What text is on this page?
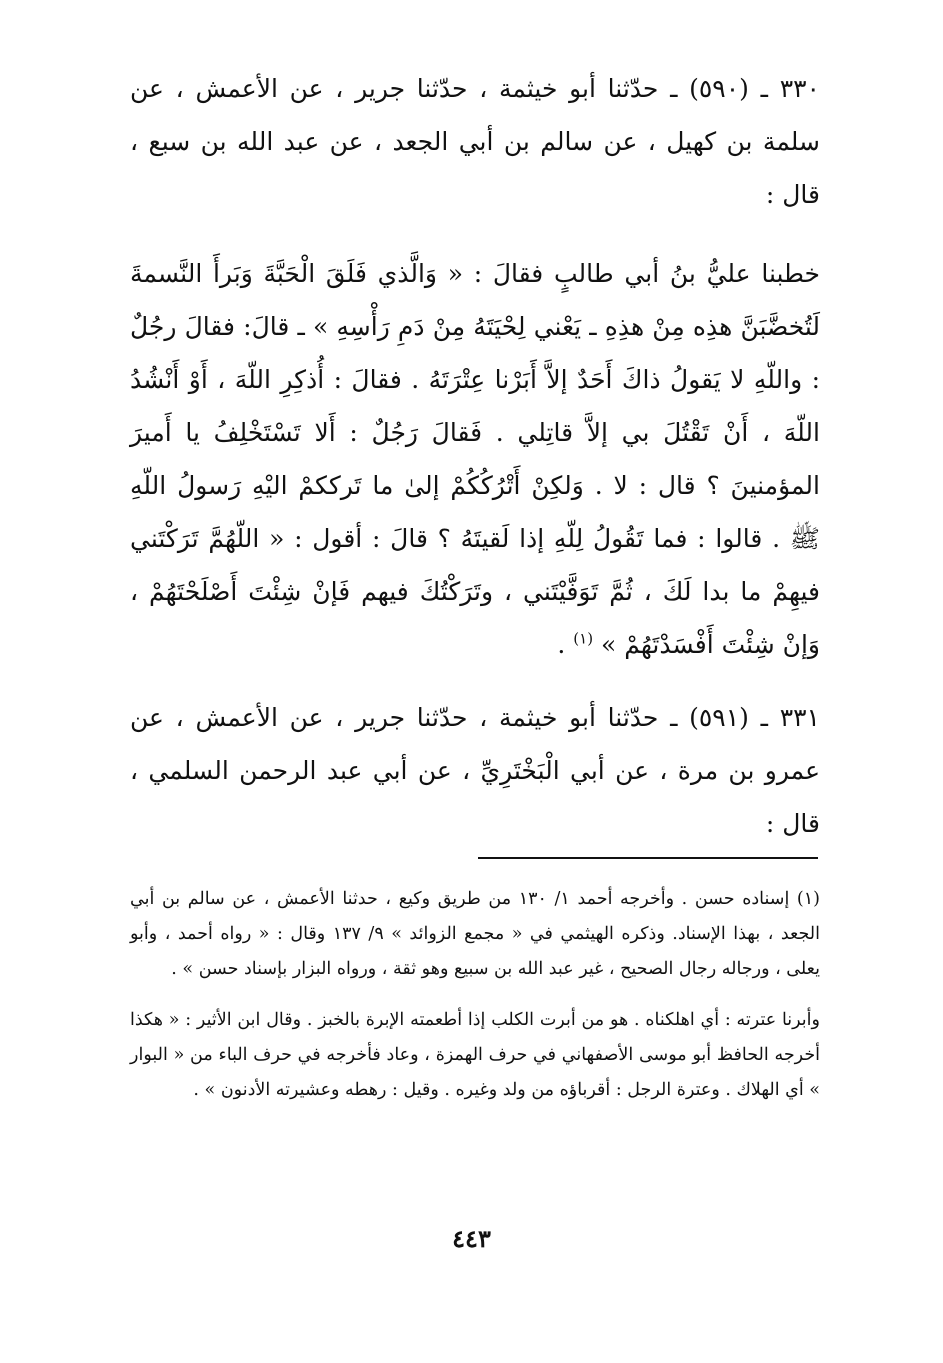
٣٣٠ ـ (٥٩٠) ـ حدّثنا أبو خيثمة ، حدّثنا جرير ، عن الأعمش ، عن سلمة بن كهيل ، عن سالم بن أبي الجعد ، عن عبد الله بن سبع ، قال :

خطبنا عليُّ بنُ أبي طالبٍ فقالَ : « وَالَّذي فَلَقَ الْحَبَّةَ وَبَرأَ النَّسمةَ لَتُخضَّبَنَّ هذِه مِنْ هذِهِ ـ يَعْني لِحْيَتَهُ مِنْ دَمِ رَأْسِهِ » ـ قالَ: فقالَ رجُلٌ : واللّهِ لا يَقولُ ذاكَ أَحَدٌ إلاَّ أَبَرْنا عِتْرَتَهُ . فقالَ : أُذكِرِ اللّهَ ، أَوْ أَنْشُدُ اللّهَ ، أَنْ تَقْتُلَ بي إلاَّ قاتِلي . فَقالَ رَجُلٌ : أَلا تَسْتَخْلِفُ يا أَميرَ المؤمنينَ ؟ قال : لا . وَلكِنْ أَتْرُكُكُمْ إلىٰ ما تَرككمْ اليْهِ رَسولُ اللّهِ ﷺ . قالوا : فما تَقُولُ لِلّهِ إذا لَقيتَهُ ؟ قالَ : أقول : « اللّهُمَّ تَرَكْتَني فيهِمْ ما بدا لَكَ ، ثُمَّ تَوَفَّيْتَني ، وتَرَكْتُكَ فيهم فَإنْ شِئْتَ أَصْلَحْتَهُمْ ، وَإنْ شِئْتَ أَفْسَدْتَهُمْ » $^{(١)}$ .

٣٣١ ـ (٥٩١) ـ حدّثنا أبو خيثمة ، حدّثنا جرير ، عن الأعمش ، عن عمرو بن مرة ، عن أبي الْبَخْتَرِيِّ ، عن أبي عبد الرحمن السلمي ، قال :

(١) إسناده حسن . وأخرجه أحمد ١/ ١٣٠ من طريق وكيع ، حدثنا الأعمش ، عن سالم بن أبي الجعد ، بهذا الإسناد. وذكره الهيثمي في « مجمع الزوائد » ٩/ ١٣٧ وقال : « رواه أحمد ، وأبو يعلى ، ورجاله رجال الصحيح ، غير عبد الله بن سبيع وهو ثقة ، ورواه البزار بإسناد حسن » .

وأبرنا عترته : أي اهلكناه . هو من أبرت الكلب إذا أطعمته الإبرة بالخبز . وقال ابن الأثير : « هكذا أخرجه الحافظ أبو موسى الأصفهاني في حرف الهمزة ، وعاد فأخرجه في حرف الباء من « البوار » أي الهلاك . وعترة الرجل : أقرباؤه من ولد وغيره . وقيل : رهطه وعشيرته الأدنون » .

٤٤٣
